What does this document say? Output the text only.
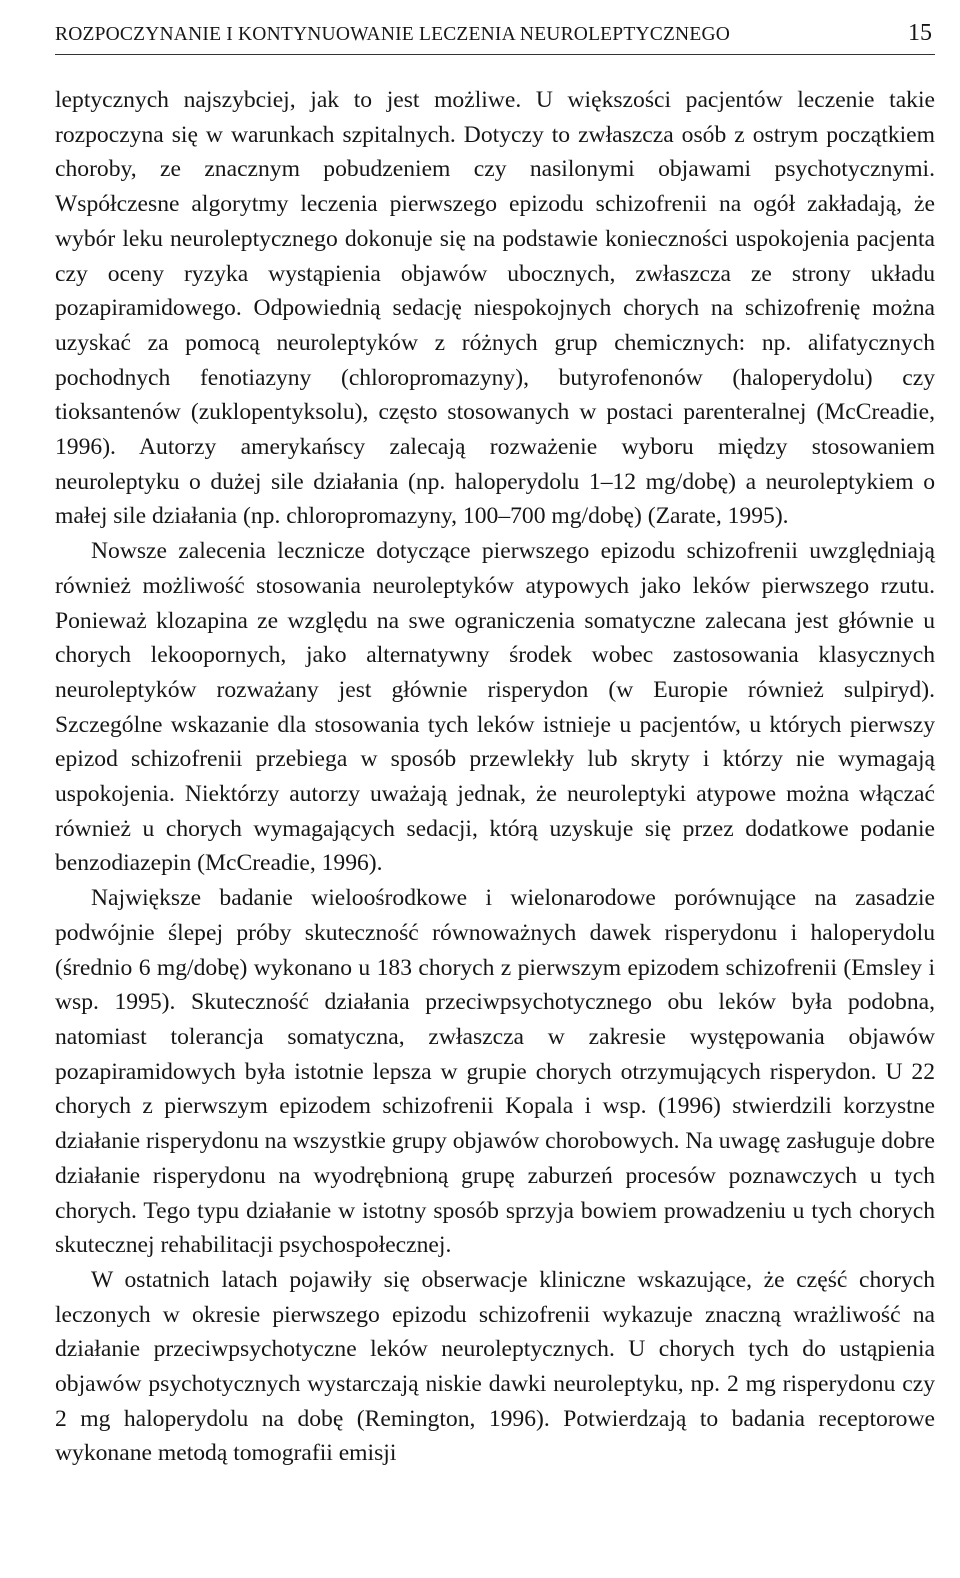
ROZPOCZYNANIE I KONTYNUOWANIE LECZENIA NEUROLEPTYCZNEGO	15

leptycznych najszybciej, jak to jest możliwe. U większości pacjentów leczenie takie rozpoczyna się w warunkach szpitalnych. Dotyczy to zwłaszcza osób z ostrym początkiem choroby, ze znacznym pobudzeniem czy nasilonymi objawami psychotycznymi. Współczesne algorytmy leczenia pierwszego epizodu schizofrenii na ogół zakładają, że wybór leku neuroleptycznego dokonuje się na podstawie konieczności uspokojenia pacjenta czy oceny ryzyka wystąpienia objawów ubocznych, zwłaszcza ze strony układu pozapiramidowego. Odpowiednią sedację niespokojnych chorych na schizofrenię można uzyskać za pomocą neuroleptyków z różnych grup chemicznych: np. alifatycznych pochodnych fenotiazyny (chloropromazyny), butyrofenonów (haloperydolu) czy tioksantenów (zuklopentyksolu), często stosowanych w postaci parenteralnej (McCreadie, 1996). Autorzy amerykańscy zalecają rozważenie wyboru między stosowaniem neuroleptyku o dużej sile działania (np. haloperydolu 1–12 mg/dobę) a neuroleptykiem o małej sile działania (np. chloropromazyny, 100–700 mg/dobę) (Zarate, 1995).

Nowsze zalecenia lecznicze dotyczące pierwszego epizodu schizofrenii uwzględniają również możliwość stosowania neuroleptyków atypowych jako leków pierwszego rzutu. Ponieważ klozapina ze względu na swe ograniczenia somatyczne zalecana jest głównie u chorych lekoopornych, jako alternatywny środek wobec zastosowania klasycznych neuroleptyków rozważany jest głównie risperydon (w Europie również sulpiryd). Szczególne wskazanie dla stosowania tych leków istnieje u pacjentów, u których pierwszy epizod schizofrenii przebiega w sposób przewlekły lub skryty i którzy nie wymagają uspokojenia. Niektórzy autorzy uważają jednak, że neuroleptyki atypowe można włączać również u chorych wymagających sedacji, którą uzyskuje się przez dodatkowe podanie benzodiazepin (McCreadie, 1996).

Największe badanie wieloośrodkowe i wielonarodowe porównujące na zasadzie podwójnie ślepej próby skuteczność równoważnych dawek risperydonu i haloperydolu (średnio 6 mg/dobę) wykonano u 183 chorych z pierwszym epizodem schizofrenii (Emsley i wsp. 1995). Skuteczność działania przeciwpsychotycznego obu leków była podobna, natomiast tolerancja somatyczna, zwłaszcza w zakresie występowania objawów pozapiramidowych była istotnie lepsza w grupie chorych otrzymujących risperydon. U 22 chorych z pierwszym epizodem schizofrenii Kopala i wsp. (1996) stwierdzili korzystne działanie risperydonu na wszystkie grupy objawów chorobowych. Na uwagę zasługuje dobre działanie risperydonu na wyodrębnioną grupę zaburzeń procesów poznawczych u tych chorych. Tego typu działanie w istotny sposób sprzyja bowiem prowadzeniu u tych chorych skutecznej rehabilitacji psychospołecznej.

W ostatnich latach pojawiły się obserwacje kliniczne wskazujące, że część chorych leczonych w okresie pierwszego epizodu schizofrenii wykazuje znaczną wrażliwość na działanie przeciwpsychotyczne leków neuroleptycznych. U chorych tych do ustąpienia objawów psychotycznych wystarczają niskie dawki neuroleptyku, np. 2 mg risperydonu czy 2 mg haloperydolu na dobę (Remington, 1996). Potwierdzają to badania receptorowe wykonane metodą tomografii emisji
